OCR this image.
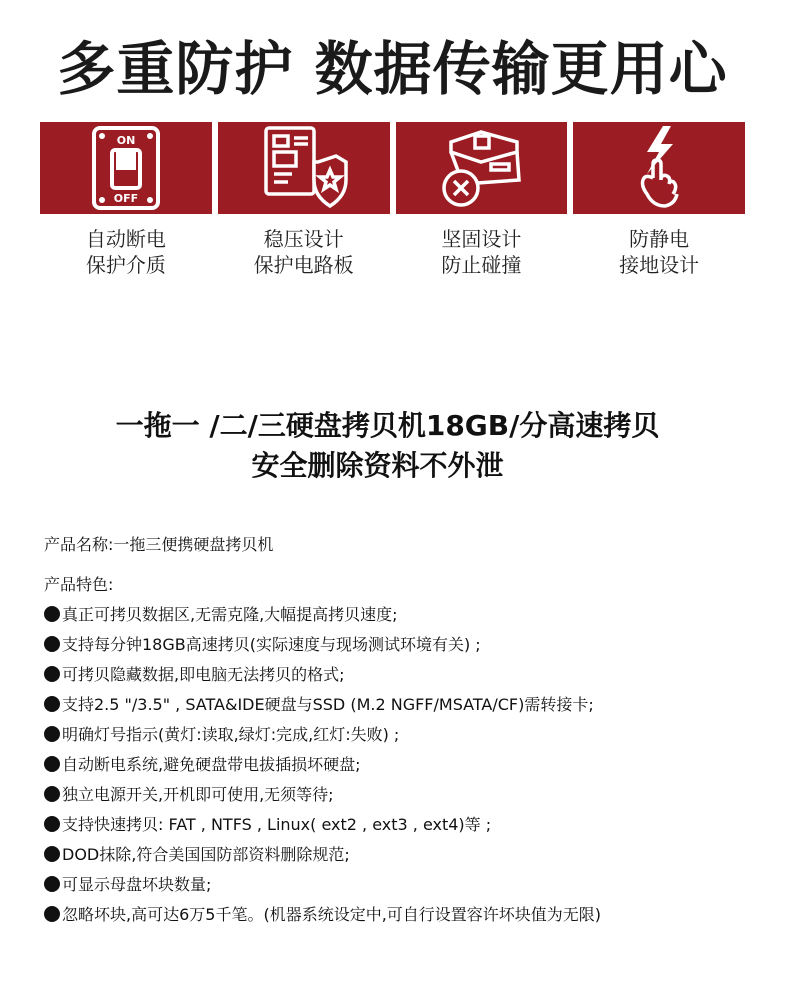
多重防护 数据传输更用心
ON
OFF
自动断电
保护介质
稳压设计
保护电路板
坚固设计
防止碰撞
防静电
接地设计
一拖一 /二/三硬盘拷贝机18GB/分高速拷贝
安全删除资料不外泄
产品名称:一拖三便携硬盘拷贝机
产品特色:
真正可拷贝数据区,无需克隆,大幅提高拷贝速度;
支持每分钟18GB高速拷贝(实际速度与现场测试环境有关) ;
可拷贝隐藏数据,即电脑无法拷贝的格式;
支持2.5 "/3.5" , SATA&IDE硬盘与SSD (M.2 NGFF/MSATA/CF)需转接卡;
明确灯号指示(黄灯:读取,绿灯:完成,红灯:失败) ;
自动断电系统,避免硬盘带电拔插损坏硬盘;
独立电源开关,开机即可使用,无须等待;
支持快速拷贝: FAT , NTFS , Linux( ext2 , ext3 , ext4)等 ;
DOD抹除,符合美国国防部资料删除规范;
可显示母盘坏块数量;
忽略坏块,高可达6万5千笔。(机器系统设定中,可自行设置容许坏块值为无限)
